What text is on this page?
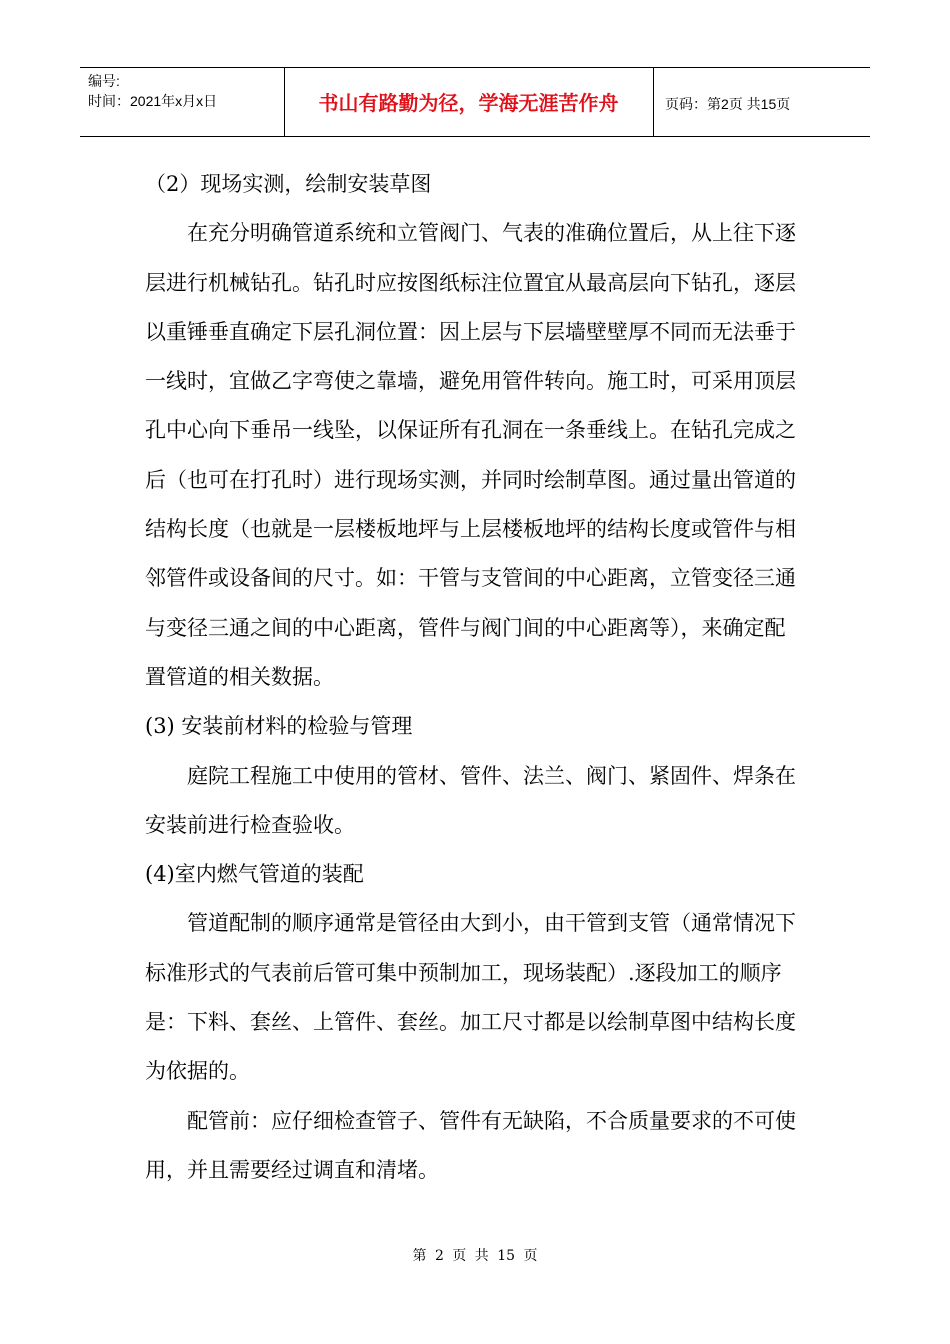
编号:
时间：2021年x月x日	书山有路勤为径，学海无涯苦作舟	页码：第2页 共15页

（2）现场实测，绘制安装草图

在充分明确管道系统和立管阀门、气表的准确位置后，从上往下逐层进行机械钻孔。钻孔时应按图纸标注位置宜从最高层向下钻孔，逐层以重锤垂直确定下层孔洞位置：因上层与下层墙壁壁厚不同而无法垂于一线时，宜做乙字弯使之靠墙，避免用管件转向。施工时，可采用顶层孔中心向下垂吊一线坠，以保证所有孔洞在一条垂线上。在钻孔完成之后（也可在打孔时）进行现场实测，并同时绘制草图。通过量出管道的结构长度（也就是一层楼板地坪与上层楼板地坪的结构长度或管件与相邻管件或设备间的尺寸。如：干管与支管间的中心距离，立管变径三通与变径三通之间的中心距离，管件与阀门间的中心距离等），来确定配置管道的相关数据。

(3) 安装前材料的检验与管理

庭院工程施工中使用的管材、管件、法兰、阀门、紧固件、焊条在安装前进行检查验收。

(4)室内燃气管道的装配

管道配制的顺序通常是管径由大到小，由干管到支管（通常情况下标准形式的气表前后管可集中预制加工，现场装配）.逐段加工的顺序是：下料、套丝、上管件、套丝。加工尺寸都是以绘制草图中结构长度为依据的。

配管前：应仔细检查管子、管件有无缺陷，不合质量要求的不可使用，并且需要经过调直和清堵。

第 2 页 共 15 页
